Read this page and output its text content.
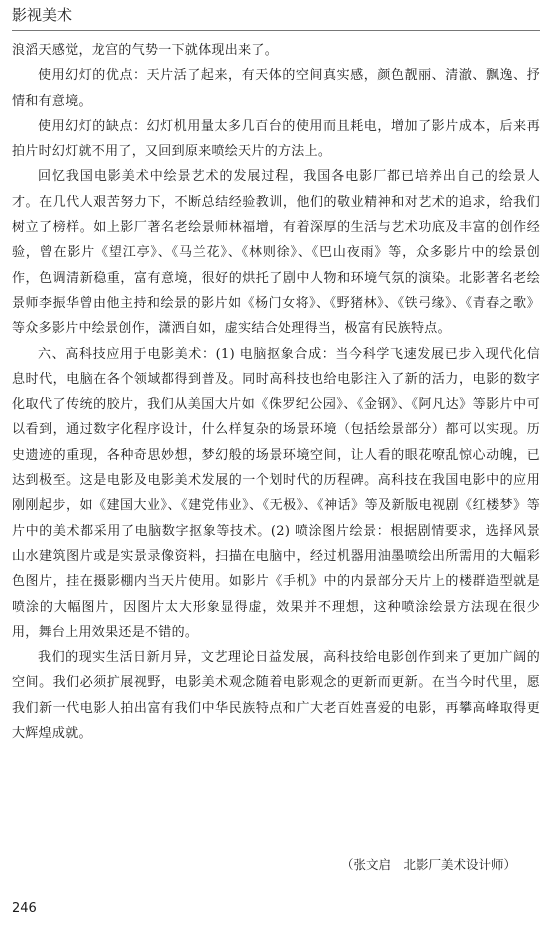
影视美术

浪滔天感觉，龙宫的气势一下就体现出来了。

使用幻灯的优点：天片活了起来，有天体的空间真实感，颜色靓丽、清澈、飘逸、抒情和有意境。

使用幻灯的缺点：幻灯机用量太多几百台的使用而且耗电，增加了影片成本，后来再拍片时幻灯就不用了，又回到原来喷绘天片的方法上。

回忆我国电影美术中绘景艺术的发展过程，我国各电影厂都已培养出自己的绘景人才。在几代人艰苦努力下，不断总结经验教训，他们的敬业精神和对艺术的追求，给我们树立了榜样。如上影厂著名老绘景师林福增，有着深厚的生活与艺术功底及丰富的创作经验，曾在影片《望江亭》、《马兰花》、《林则徐》、《巴山夜雨》等，众多影片中的绘景创作，色调清新稳重，富有意境，很好的烘托了剧中人物和环境气氛的演染。北影著名老绘景师李振华曾由他主持和绘景的影片如《杨门女将》、《野猪林》、《铁弓缘》、《青春之歌》等众多影片中绘景创作，潇洒自如，虚实结合处理得当，极富有民族特点。

六、高科技应用于电影美术：(1) 电脑抠象合成：当今科学飞速发展已步入现代化信息时代，电脑在各个领域都得到普及。同时高科技也给电影注入了新的活力，电影的数字化取代了传统的胶片，我们从美国大片如《侏罗纪公园》、《金钢》、《阿凡达》等影片中可以看到，通过数字化程序设计，什么样复杂的场景环境（包括绘景部分）都可以实现。历史遗迹的重现，各种奇思妙想，梦幻般的场景环境空间，让人看的眼花嘹乱惊心动魄，已达到极至。这是电影及电影美术发展的一个划时代的历程碑。高科技在我国电影中的应用刚刚起步，如《建国大业》、《建党伟业》、《无极》、《神话》等及新版电视剧《红楼梦》等片中的美术都采用了电脑数字抠象等技术。(2) 喷涂图片绘景：根据剧情要求，选择风景山水建筑图片或是实景录像资料，扫描在电脑中，经过机器用油墨喷绘出所需用的大幅彩色图片，挂在摄影棚内当天片使用。如影片《手机》中的内景部分天片上的楼群造型就是喷涂的大幅图片，因图片太大形象显得虚，效果并不理想，这种喷涂绘景方法现在很少用，舞台上用效果还是不错的。

我们的现实生活日新月异，文艺理论日益发展，高科技给电影创作到来了更加广阔的空间。我们必须扩展视野，电影美术观念随着电影观念的更新而更新。在当今时代里，愿我们新一代电影人拍出富有我们中华民族特点和广大老百姓喜爱的电影，再攀高峰取得更大辉煌成就。

（张文启　北影厂美术设计师）
246
